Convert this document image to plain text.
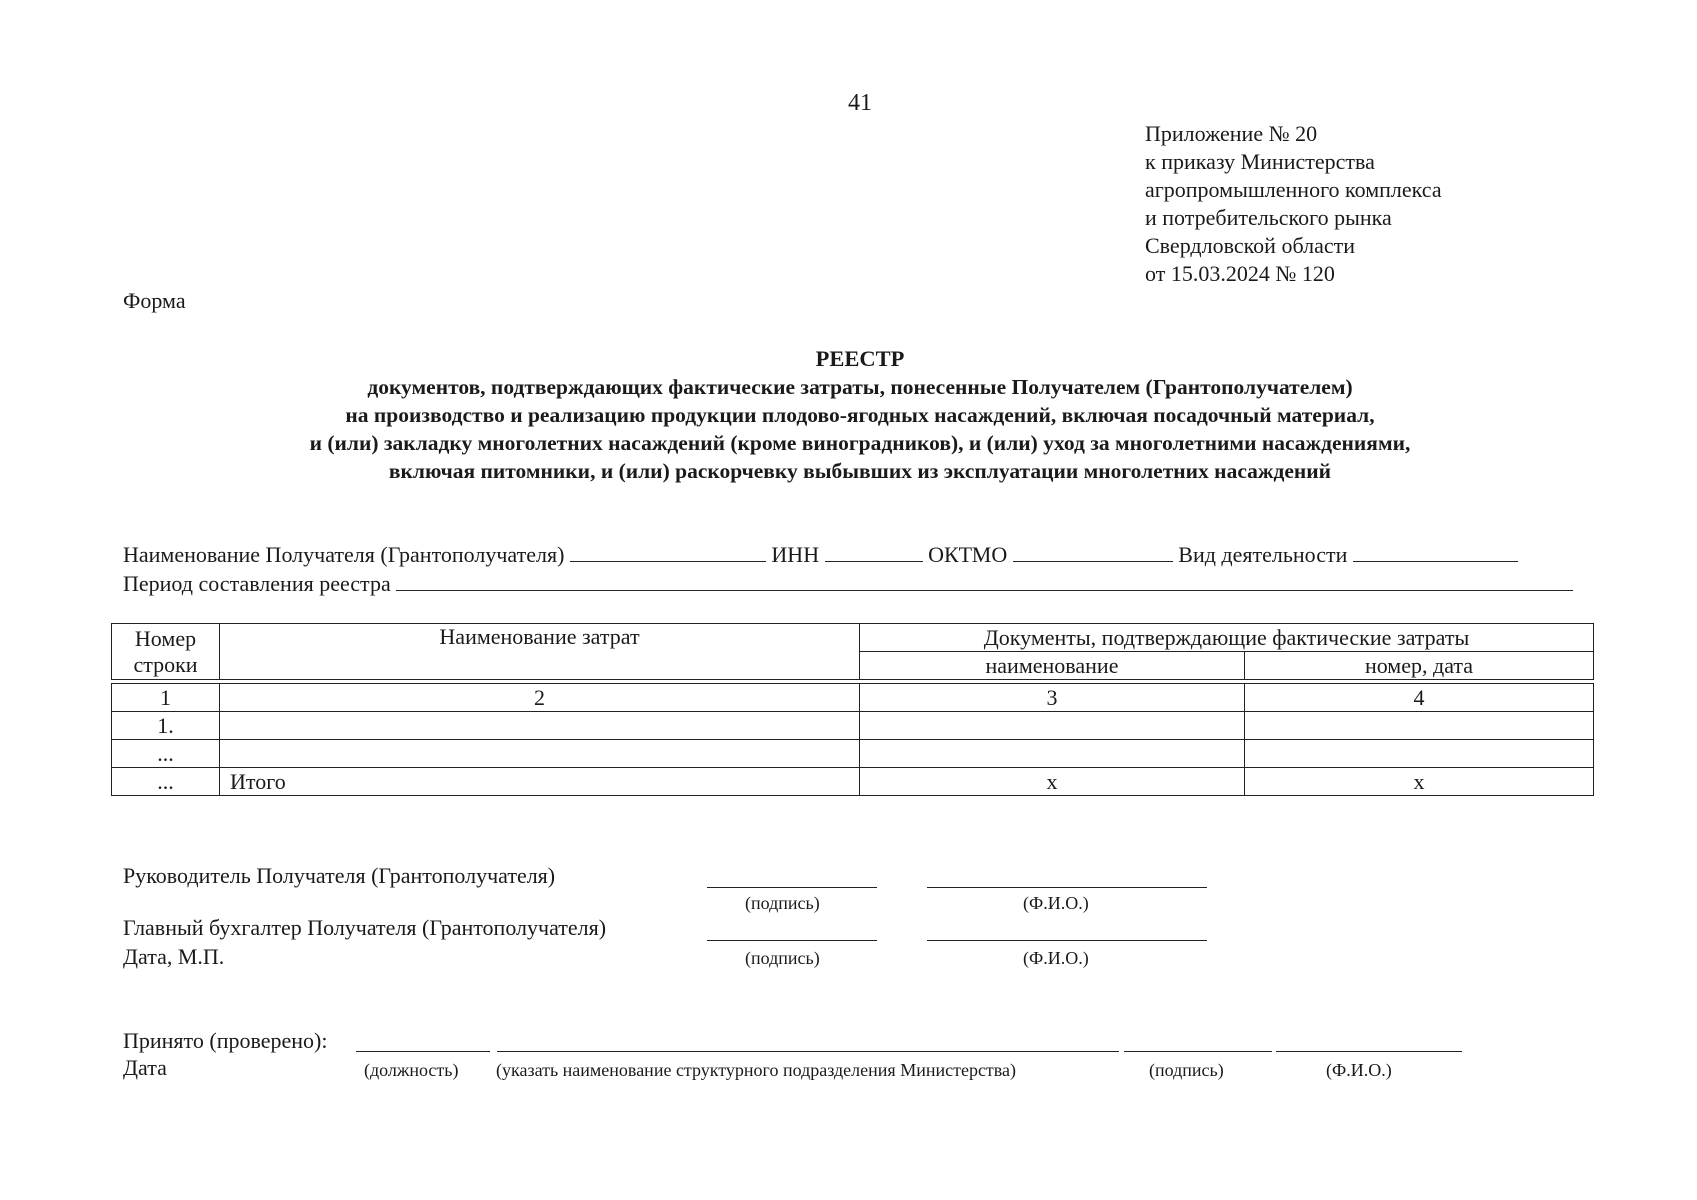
41
Приложение № 20
к приказу Министерства
агропромышленного комплекса
и потребительского рынка
Свердловской области
от 15.03.2024 № 120
Форма
РЕЕСТР
документов, подтверждающих фактические затраты, понесенные Получателем (Грантополучателем)
на производство и реализацию продукции плодово-ягодных насаждений, включая посадочный материал,
и (или) закладку многолетних насаждений (кроме виноградников), и (или) уход за многолетними насаждениями,
включая питомники, и (или) раскорчевку выбывших из эксплуатации многолетних насаждений
Наименование Получателя (Грантополучателя)	ИНН	ОКТМО	Вид деятельности
Период составления реестра
Номер
строки	Наименование затрат	Документы, подтверждающие фактические затраты	
		наименование	номер, дата

1	2	3	4
1.			
...			
...	Итого	x	x
Руководитель Получателя (Грантополучателя)
(подпись)	(Ф.И.О.)
Главный бухгалтер Получателя (Грантополучателя)
Дата, М.П.	(подпись)	(Ф.И.О.)
Принято (проверено):
Дата	(должность) (указать наименование структурного подразделения Министерства)	(подпись)	(Ф.И.О.)
